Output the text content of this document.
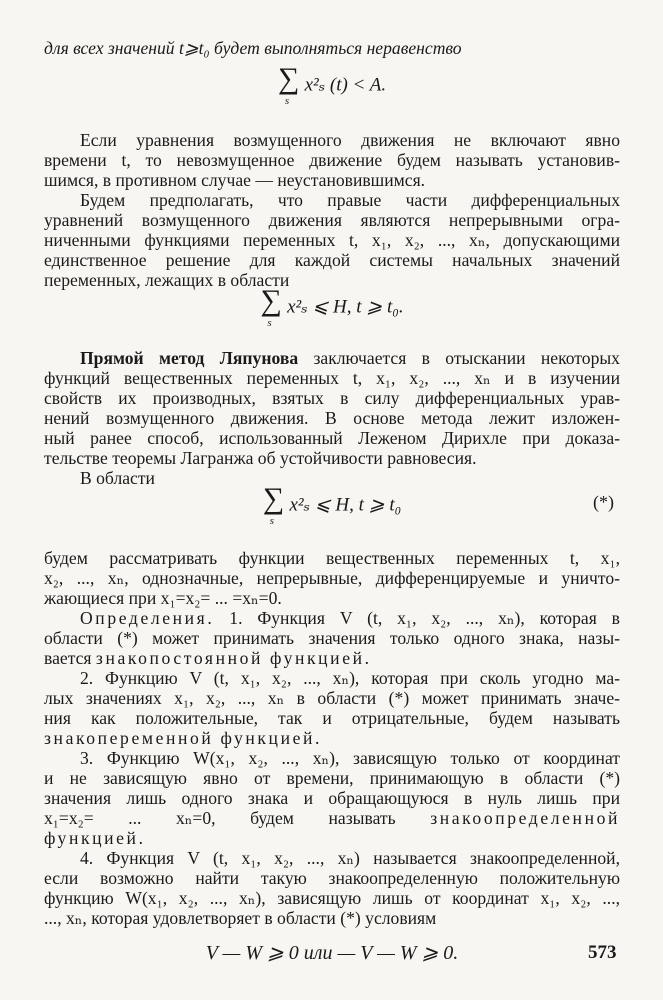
для всех значений t⩾t₀ будет выполняться неравенство
∑
s
x²ₛ (t) < A.
Если уравнения возмущенного движения не включают явно
времени t, то невозмущенное движение будем называть установив-
шимся, в противном случае — неустановившимся.
Будем предполагать, что правые части дифференциальных
уравнений возмущенного движения являются непрерывными огра-
ниченными функциями переменных t, x₁, x₂, ..., xₙ, допускающими
единственное решение для каждой системы начальных значений
переменных, лежащих в области
∑
s
x²ₛ ⩽ H, t ⩾ t₀.
Прямой метод Ляпунова заключается в отыскании некоторых
функций вещественных переменных t, x₁, x₂, ..., xₙ и в изучении
свойств их производных, взятых в силу дифференциальных урав-
нений возмущенного движения. В основе метода лежит изложен-
ный ранее способ, использованный Леженом Дирихле при доказа-
тельстве теоремы Лагранжа об устойчивости равновесия.
В области
∑
s
x²ₛ ⩽ H, t ⩾ t₀	(*)
будем рассматривать функции вещественных переменных t, x₁,
x₂, ..., xₙ, однозначные, непрерывные, дифференцируемые и уничто-
жающиеся при x₁=x₂= ... =xₙ=0.
Определения. 1. Функция V (t, x₁, x₂, ..., xₙ), которая в
области (*) может принимать значения только одного знака, назы-
вается знакопостоянной функцией.
2. Функцию V (t, x₁, x₂, ..., xₙ), которая при сколь угодно ма-
лых значениях x₁, x₂, ..., xₙ в области (*) может принимать значе-
ния как положительные, так и отрицательные, будем называть
знакопеременной функцией.
3. Функцию W(x₁, x₂, ..., xₙ), зависящую только от координат
и не зависящую явно от времени, принимающую в области (*)
значения лишь одного знака и обращающуюся в нуль лишь при
x₁=x₂= ... xₙ=0, будем называть знакоопределенной
функцией.
4. Функция V (t, x₁, x₂, ..., xₙ) называется знакоопределенной,
если возможно найти такую знакоопределенную положительную
функцию W(x₁, x₂, ..., xₙ), зависящую лишь от координат x₁, x₂, ...,
..., xₙ, которая удовлетворяет в области (*) условиям
V — W ⩾ 0 или — V — W ⩾ 0.	573
